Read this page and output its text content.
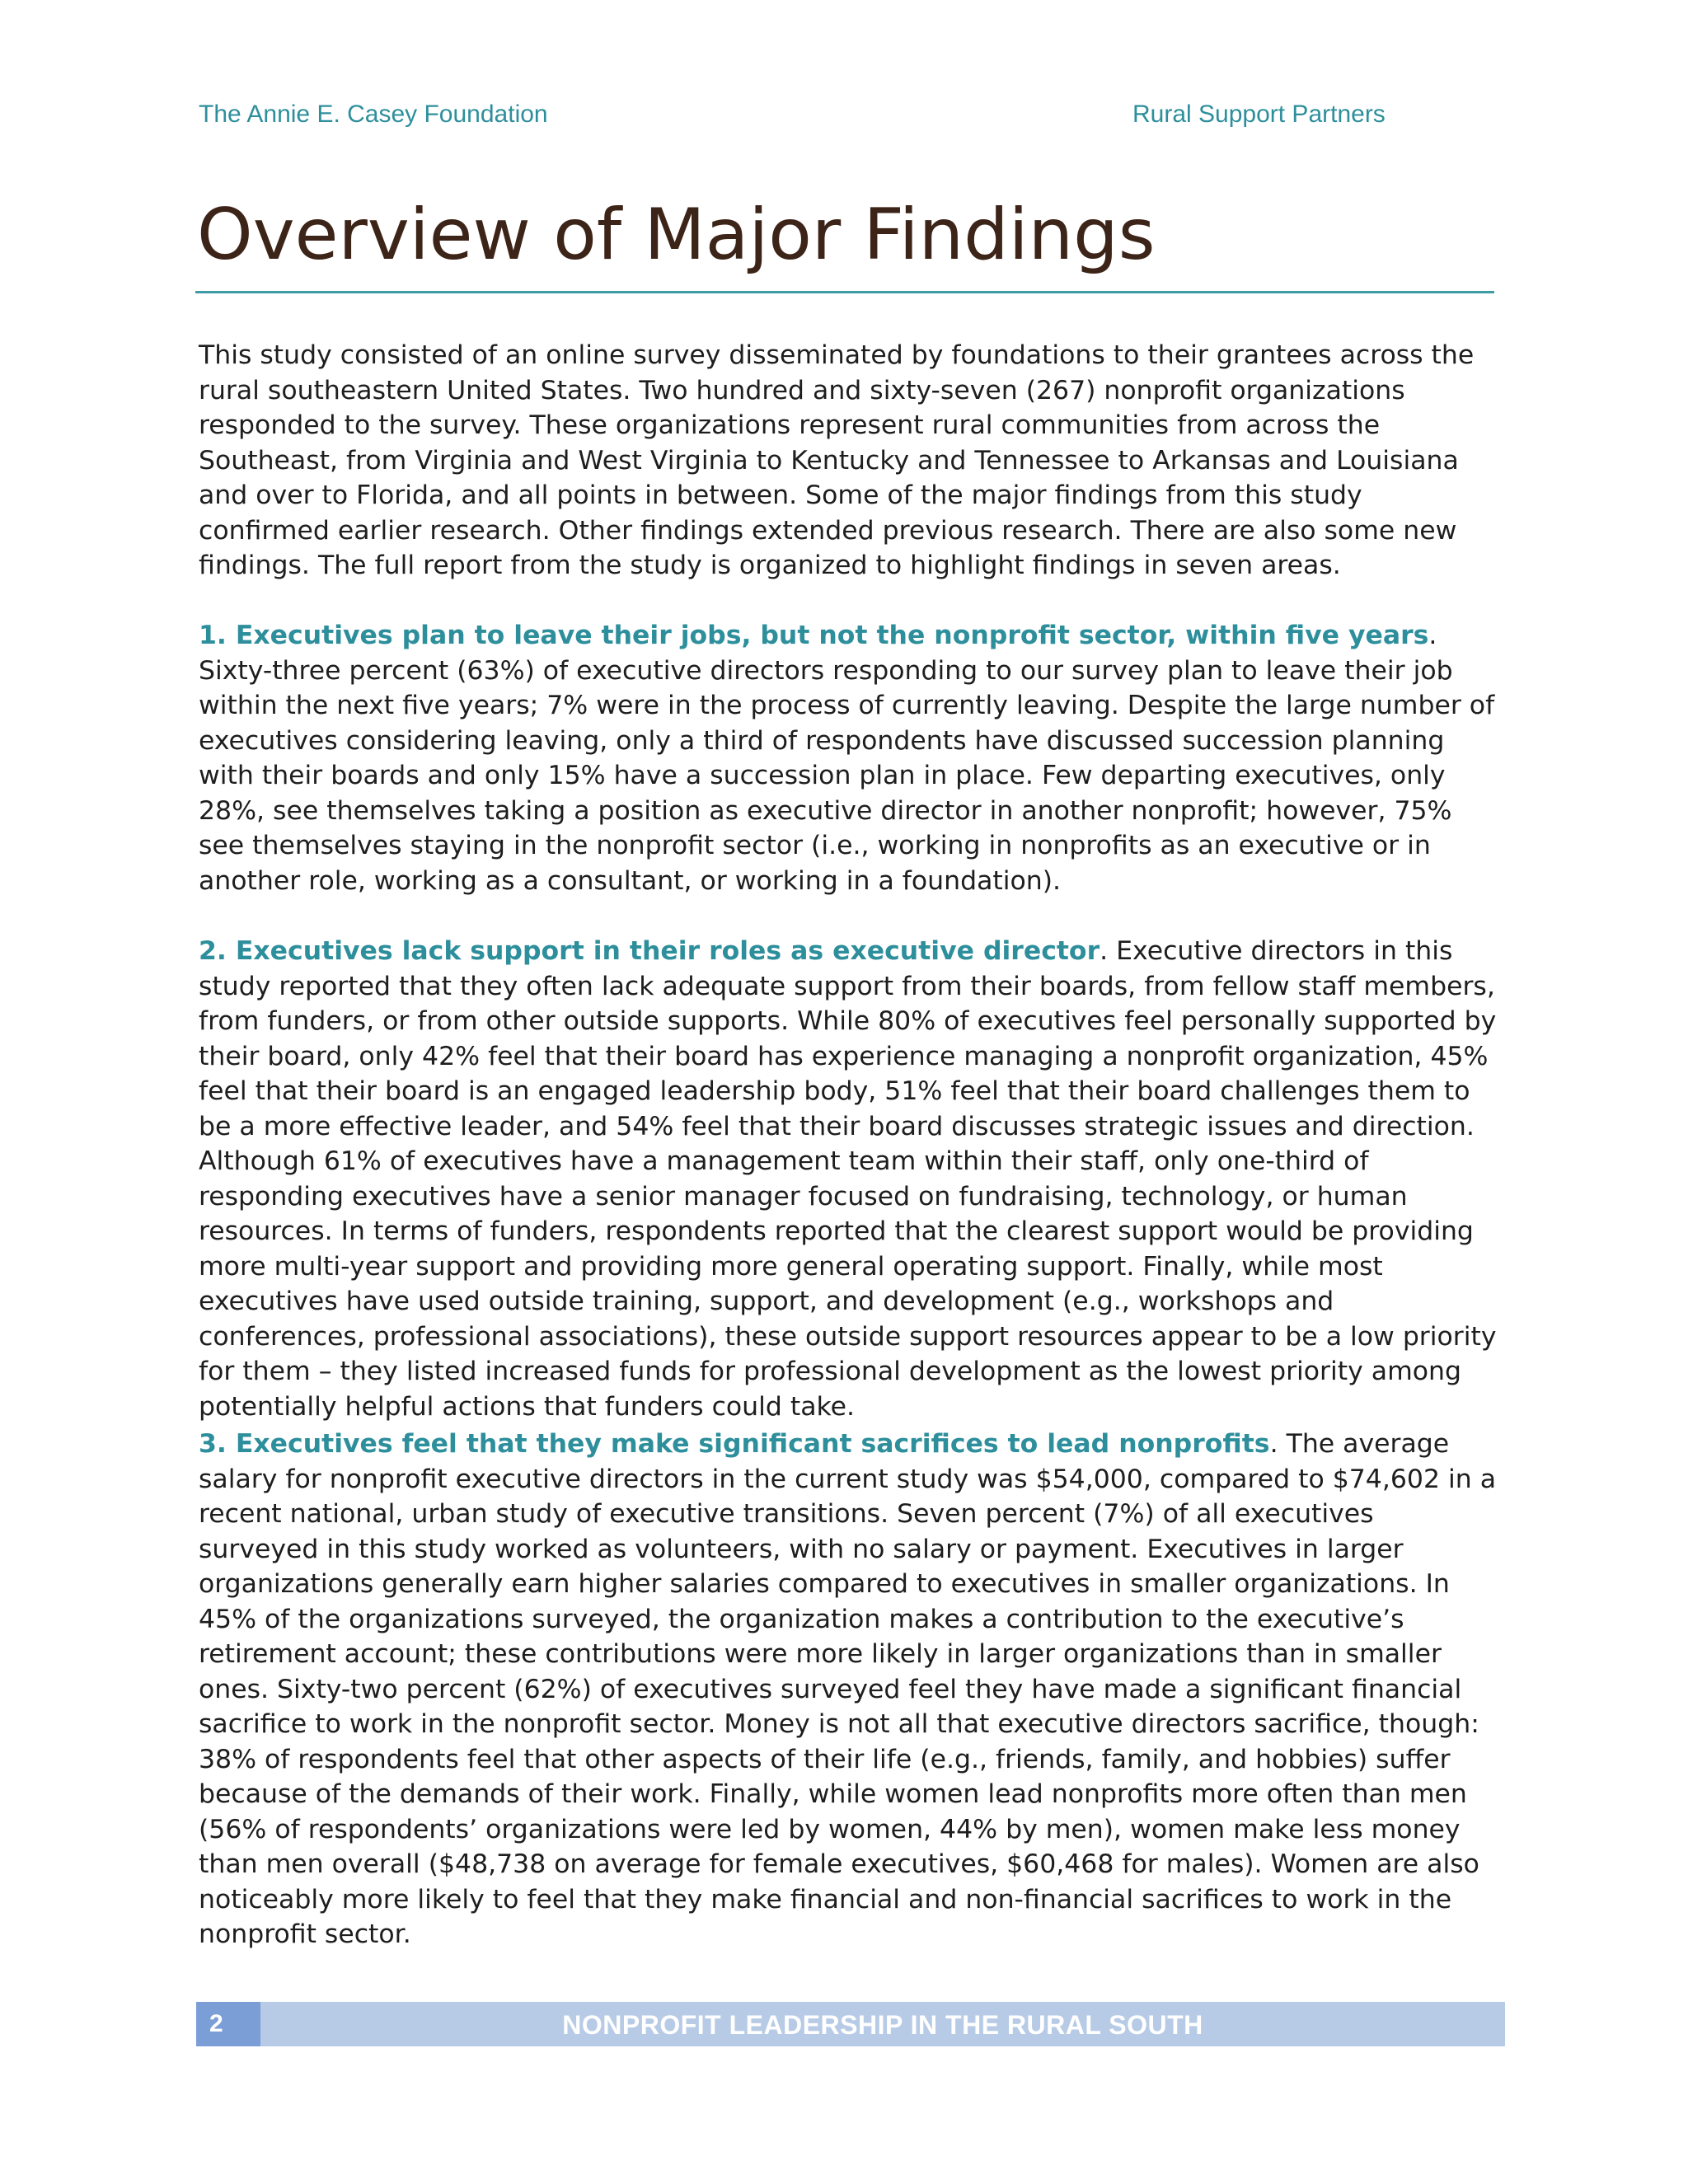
The Annie E. Casey Foundation	Rural Support Partners
Overview of Major Findings

This study consisted of an online survey disseminated by foundations to their grantees across the rural southeastern United States. Two hundred and sixty-seven (267) nonprofit organizations responded to the survey. These organizations represent rural communities from across the Southeast, from Virginia and West Virginia to Kentucky and Tennessee to Arkansas and Louisiana and over to Florida, and all points in between. Some of the major findings from this study confirmed earlier research. Other findings extended previous research. There are also some new findings. The full report from the study is organized to highlight findings in seven areas.

1. Executives plan to leave their jobs, but not the nonprofit sector, within five years. Sixty-three percent (63%) of executive directors responding to our survey plan to leave their job within the next five years; 7% were in the process of currently leaving. Despite the large number of executives considering leaving, only a third of respondents have discussed succession planning with their boards and only 15% have a succession plan in place. Few departing executives, only 28%, see themselves taking a position as executive director in another nonprofit; however, 75% see themselves staying in the nonprofit sector (i.e., working in nonprofits as an executive or in another role, working as a consultant, or working in a foundation).

2. Executives lack support in their roles as executive director. Executive directors in this study reported that they often lack adequate support from their boards, from fellow staff members, from funders, or from other outside supports. While 80% of executives feel personally supported by their board, only 42% feel that their board has experience managing a nonprofit organization, 45% feel that their board is an engaged leadership body, 51% feel that their board challenges them to be a more effective leader, and 54% feel that their board discusses strategic issues and direction. Although 61% of executives have a management team within their staff, only one-third of responding executives have a senior manager focused on fundraising, technology, or human resources. In terms of funders, respondents reported that the clearest support would be providing more multi-year support and providing more general operating support. Finally, while most executives have used outside training, support, and development (e.g., workshops and conferences, professional associations), these outside support resources appear to be a low priority for them – they listed increased funds for professional development as the lowest priority among potentially helpful actions that funders could take.

3. Executives feel that they make significant sacrifices to lead nonprofits. The average salary for nonprofit executive directors in the current study was $54,000, compared to $74,602 in a recent national, urban study of executive transitions. Seven percent (7%) of all executives surveyed in this study worked as volunteers, with no salary or payment. Executives in larger organizations generally earn higher salaries compared to executives in smaller organizations. In 45% of the organizations surveyed, the organization makes a contribution to the executive’s retirement account; these contributions were more likely in larger organizations than in smaller ones. Sixty-two percent (62%) of executives surveyed feel they have made a significant financial sacrifice to work in the nonprofit sector. Money is not all that executive directors sacrifice, though: 38% of respondents feel that other aspects of their life (e.g., friends, family, and hobbies) suffer because of the demands of their work. Finally, while women lead nonprofits more often than men (56% of respondents’ organizations were led by women, 44% by men), women make less money than men overall ($48,738 on average for female executives, $60,468 for males). Women are also noticeably more likely to feel that they make financial and non-financial sacrifices to work in the nonprofit sector.

2	NONPROFIT LEADERSHIP IN THE RURAL SOUTH
